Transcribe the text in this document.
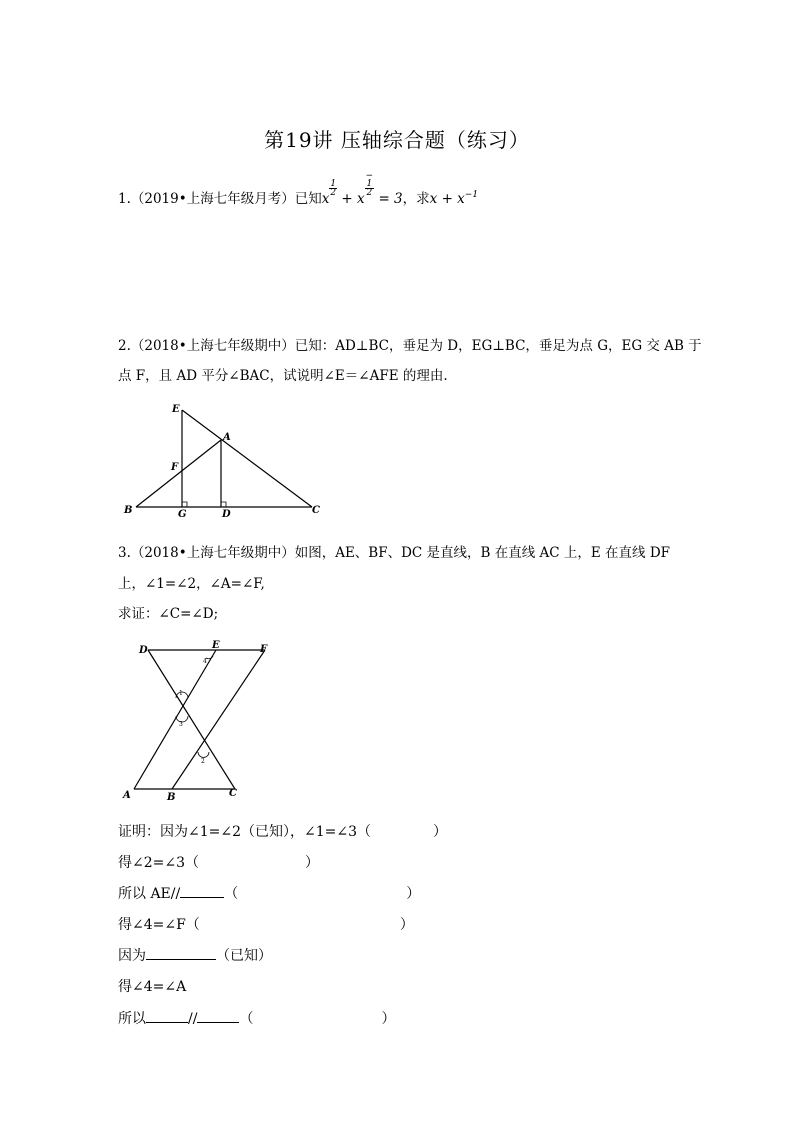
第19讲 压轴综合题（练习）
1.（2019•上海七年级月考）已知x
$\frac{1}{2}$
+ x
−
1
2
= 3，求$x + x^{-1}$
2.（2018•上海七年级期中）已知：AD⊥BC，垂足为 D，EG⊥BC，垂足为点 G，EG 交 AB 于
点 F，且 AD 平分∠BAC，试说明∠E＝∠AFE 的理由.
E
A
F
B	G	D	C
3.（2018•上海七年级期中）如图，AE、BF、DC 是直线，B 在直线 AC 上，E 在直线 DF
上，∠1=∠2，∠A=∠F,
求证：∠C=∠D;
D	E	F
A	B	C
1
3
2
4
证明：因为∠1=∠2（已知），∠1=∠3（	）
得∠2=∠3（	）
所以 AE//	（	）
得∠4=∠F（	）
因为	（已知）
得∠4=∠A
所以	//	（	）
